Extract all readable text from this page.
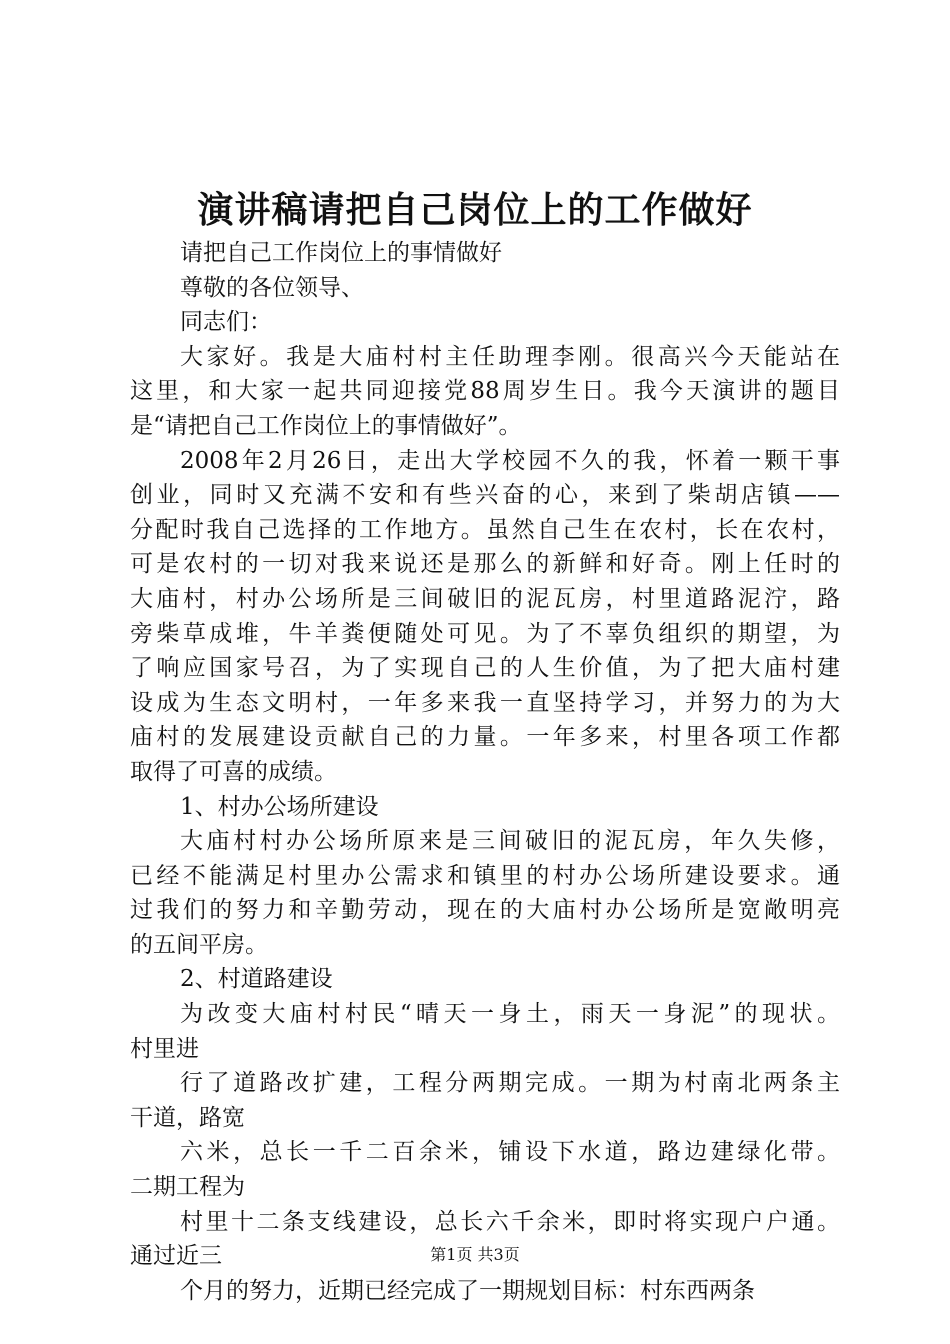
演讲稿请把自己岗位上的工作做好
请把自己工作岗位上的事情做好
尊敬的各位领导、
同志们：
大家好。我是大庙村村主任助理李刚。很高兴今天能站在
这里，和大家一起共同迎接党88周岁生日。我今天演讲的题目
是“请把自己工作岗位上的事情做好”。
2008年2月26日，走出大学校园不久的我，怀着一颗干事
创业，同时又充满不安和有些兴奋的心，来到了柴胡店镇——
分配时我自己选择的工作地方。虽然自己生在农村，长在农村，
可是农村的一切对我来说还是那么的新鲜和好奇。刚上任时的
大庙村，村办公场所是三间破旧的泥瓦房，村里道路泥泞，路
旁柴草成堆，牛羊粪便随处可见。为了不辜负组织的期望，为
了响应国家号召，为了实现自己的人生价值，为了把大庙村建
设成为生态文明村，一年多来我一直坚持学习，并努力的为大
庙村的发展建设贡献自己的力量。一年多来，村里各项工作都
取得了可喜的成绩。
1、村办公场所建设
大庙村村办公场所原来是三间破旧的泥瓦房，年久失修，
已经不能满足村里办公需求和镇里的村办公场所建设要求。通
过我们的努力和辛勤劳动，现在的大庙村办公场所是宽敞明亮
的五间平房。
2、村道路建设
为改变大庙村村民“晴天一身土，雨天一身泥”的现状。
村里进
行了道路改扩建，工程分两期完成。一期为村南北两条主
干道，路宽
六米，总长一千二百余米，铺设下水道，路边建绿化带。
二期工程为
村里十二条支线建设，总长六千余米，即时将实现户户通。
通过近三
个月的努力，近期已经完成了一期规划目标：村东西两条
第1页 共3页
